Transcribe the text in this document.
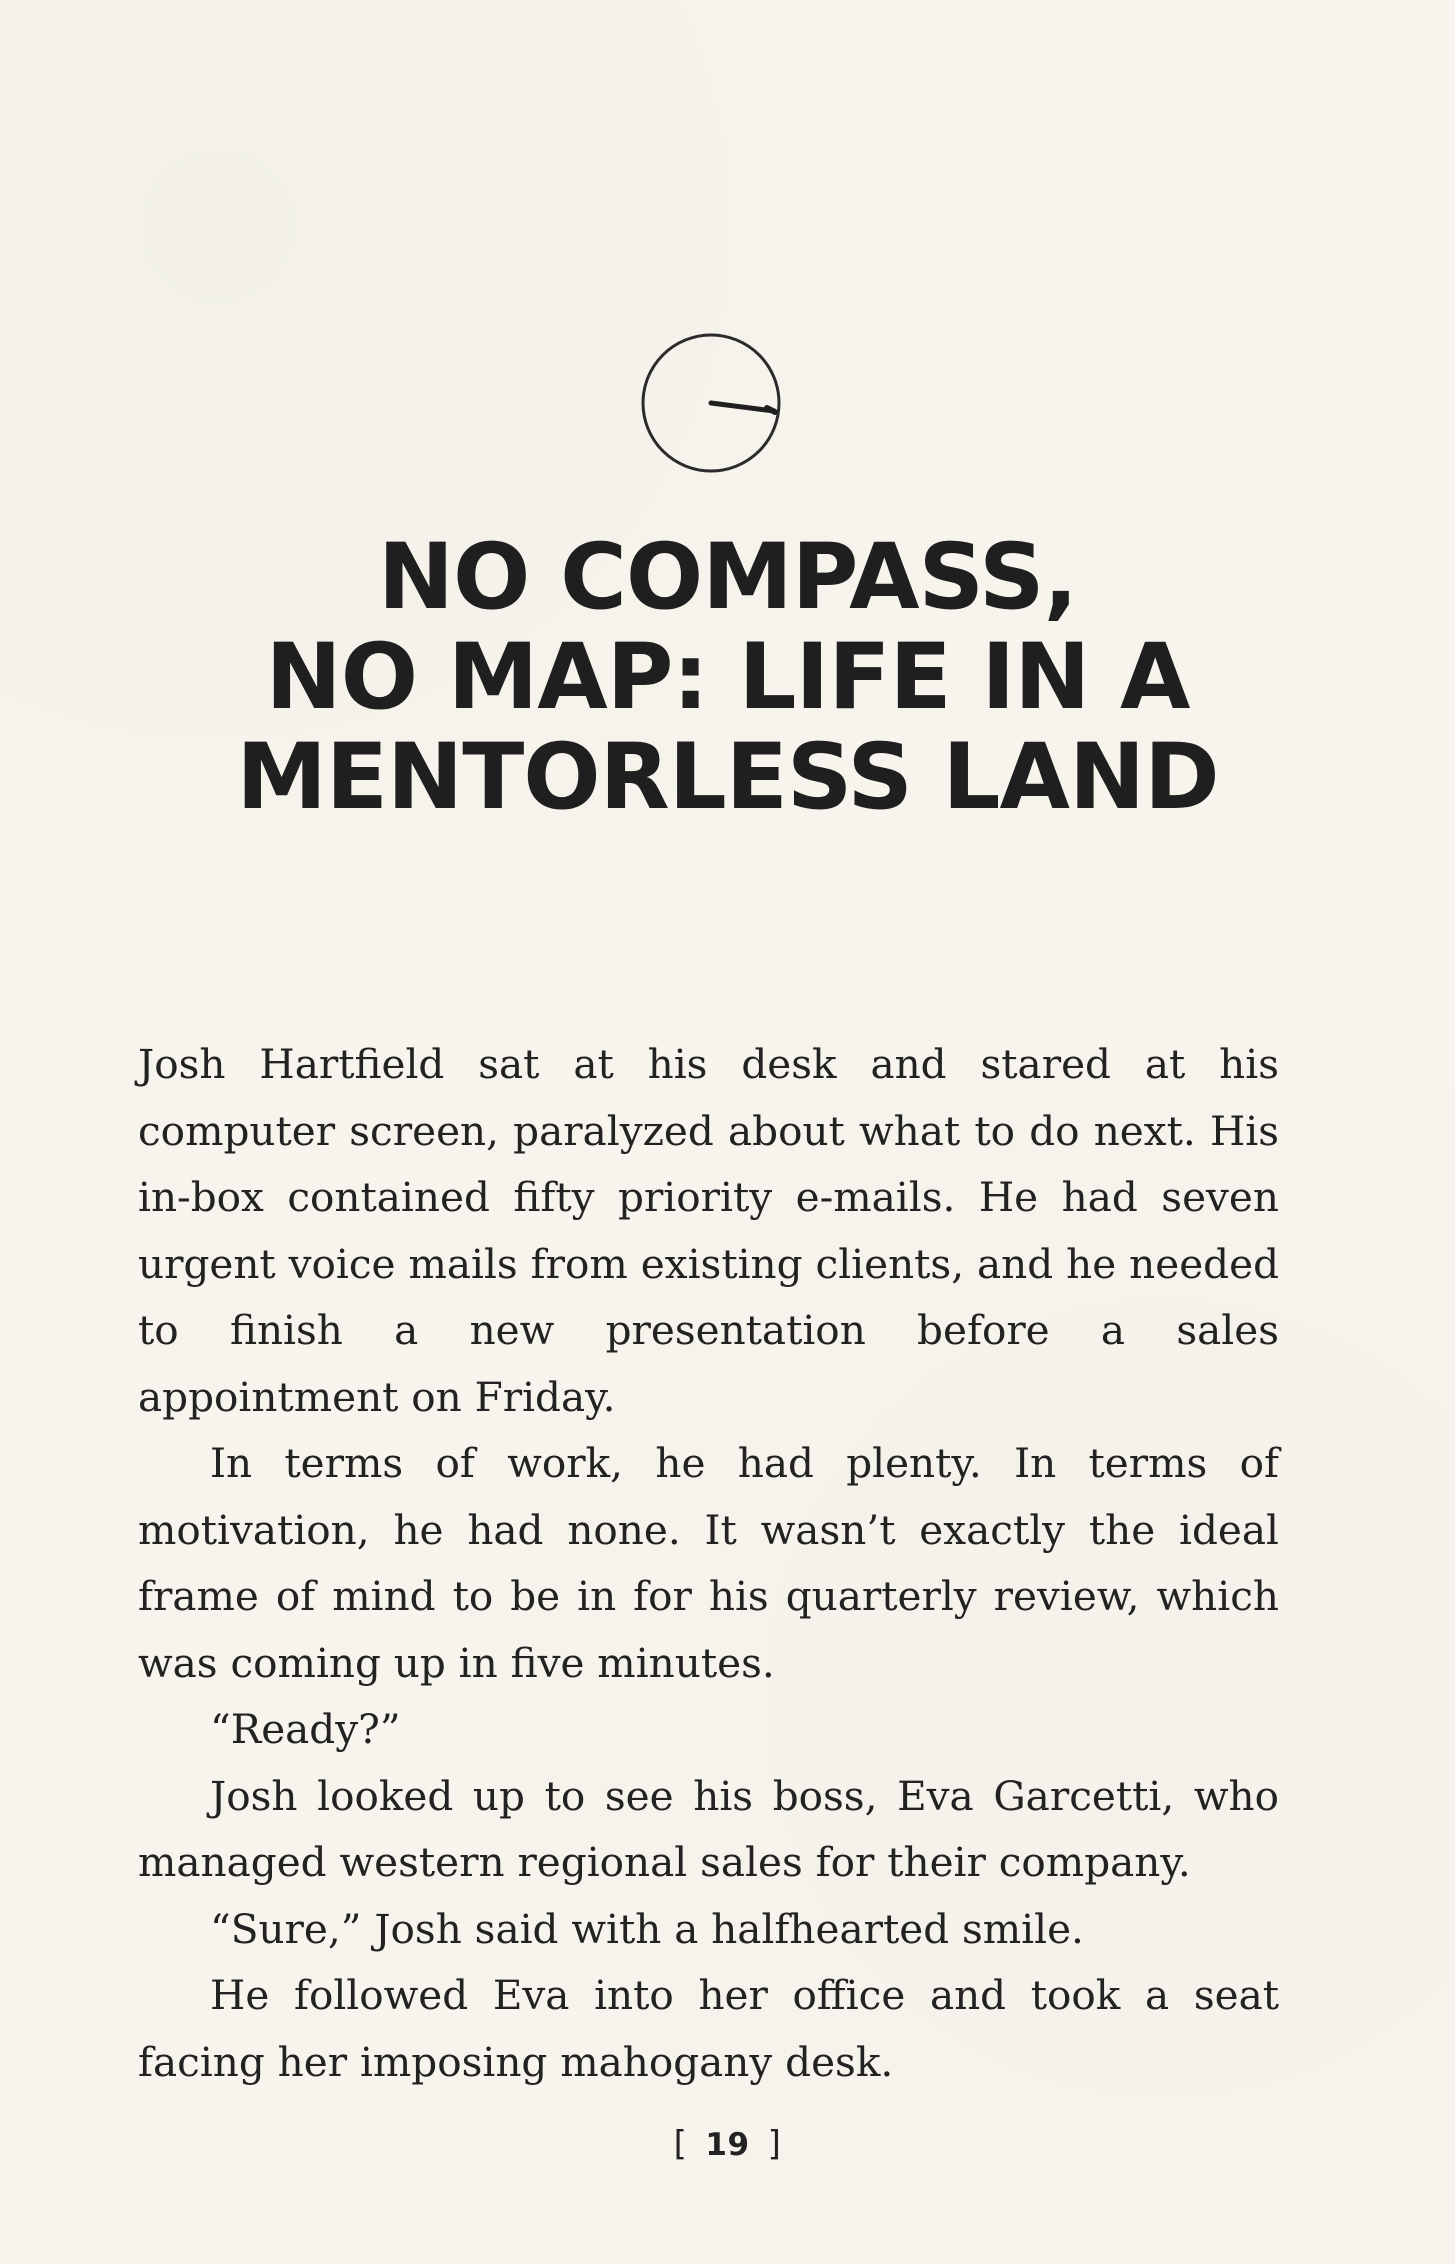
NO COMPASS,
NO MAP: LIFE IN A
MENTORLESS LAND

Josh Hartfield sat at his desk and stared at his computer screen, paralyzed about what to do next. His in-box contained fifty priority e-mails. He had seven urgent voice mails from existing clients, and he needed to finish a new presentation before a sales appointment on Friday.

In terms of work, he had plenty. In terms of motivation, he had none. It wasn’t exactly the ideal frame of mind to be in for his quarterly review, which was coming up in five minutes.

“Ready?”

Josh looked up to see his boss, Eva Garcetti, who managed western regional sales for their company.

“Sure,” Josh said with a halfhearted smile.

He followed Eva into her office and took a seat facing her imposing mahogany desk.

[ 19 ]
